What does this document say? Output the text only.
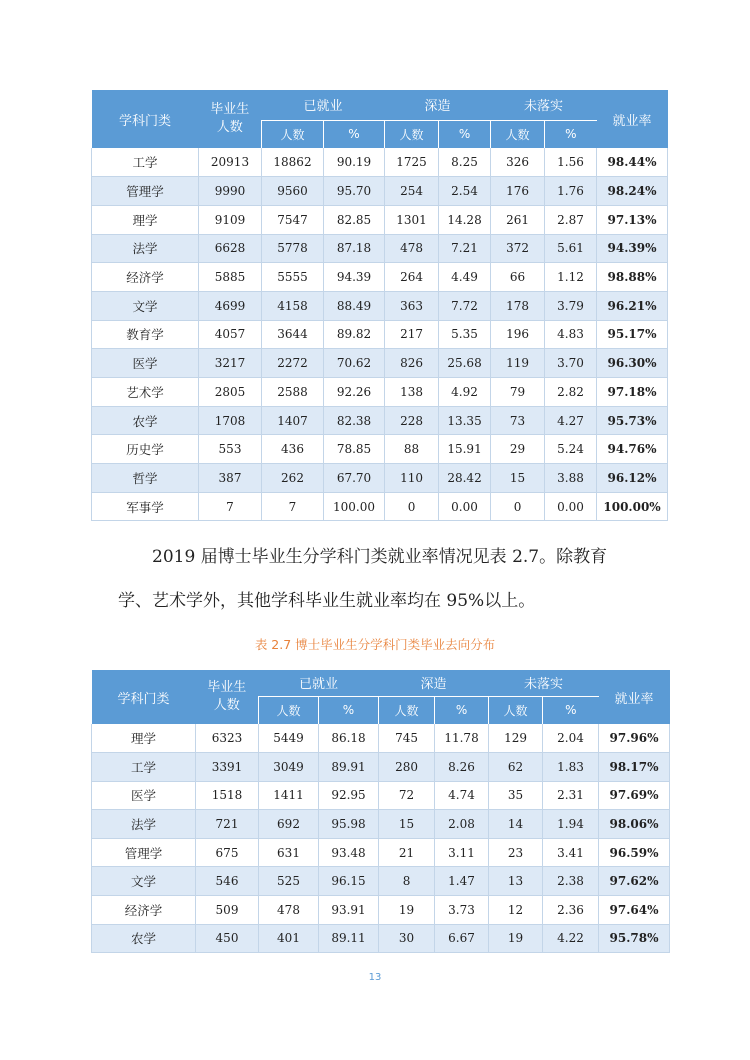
学科门类	毕业生人数	已就业		深造		未落实		就业率
		人数	%	人数	%	人数	%	
工学	20913	18862	90.19	1725	8.25	326	1.56	98.44%
管理学	9990	9560	95.70	254	2.54	176	1.76	98.24%
理学	9109	7547	82.85	1301	14.28	261	2.87	97.13%
法学	6628	5778	87.18	478	7.21	372	5.61	94.39%
经济学	5885	5555	94.39	264	4.49	66	1.12	98.88%
文学	4699	4158	88.49	363	7.72	178	3.79	96.21%
教育学	4057	3644	89.82	217	5.35	196	4.83	95.17%
医学	3217	2272	70.62	826	25.68	119	3.70	96.30%
艺术学	2805	2588	92.26	138	4.92	79	2.82	97.18%
农学	1708	1407	82.38	228	13.35	73	4.27	95.73%
历史学	553	436	78.85	88	15.91	29	5.24	94.76%
哲学	387	262	67.70	110	28.42	15	3.88	96.12%
军事学	7	7	100.00	0	0.00	0	0.00	100.00%

2019 届博士毕业生分学科门类就业率情况见表 2.7。除教育

学、艺术学外，其他学科毕业生就业率均在 95%以上。

表 2.7 博士毕业生分学科门类毕业去向分布
学科门类	毕业生人数	已就业		深造		未落实		就业率
		人数	%	人数	%	人数	%	
理学	6323	5449	86.18	745	11.78	129	2.04	97.96%
工学	3391	3049	89.91	280	8.26	62	1.83	98.17%
医学	1518	1411	92.95	72	4.74	35	2.31	97.69%
法学	721	692	95.98	15	2.08	14	1.94	98.06%
管理学	675	631	93.48	21	3.11	23	3.41	96.59%
文学	546	525	96.15	8	1.47	13	2.38	97.62%
经济学	509	478	93.91	19	3.73	12	2.36	97.64%
农学	450	401	89.11	30	6.67	19	4.22	95.78%
13
